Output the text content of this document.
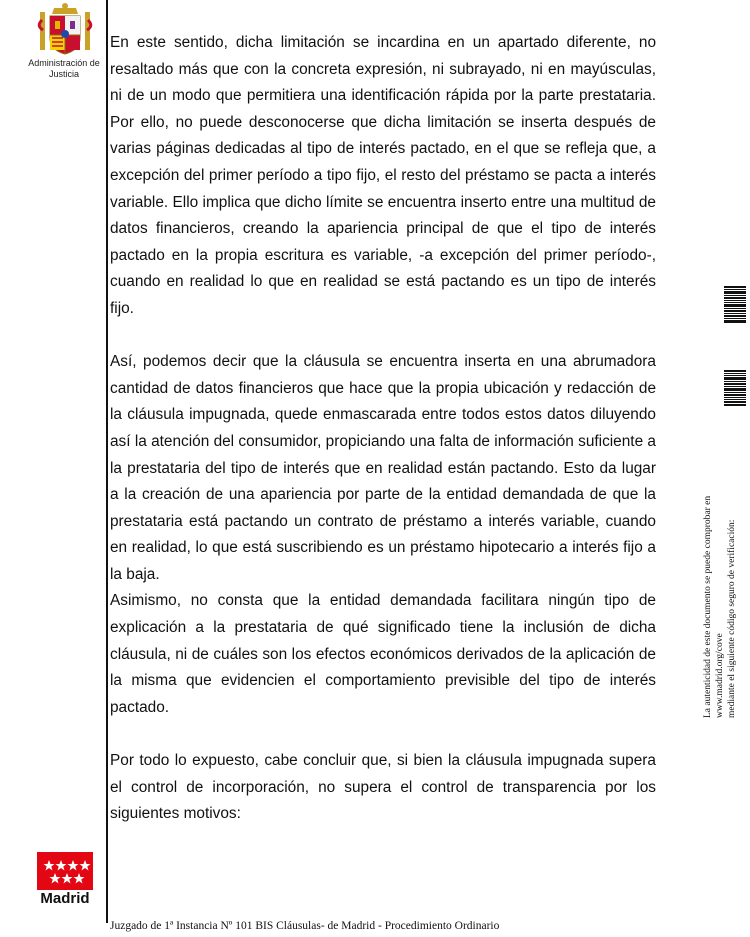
Administración de Justicia

En este sentido, dicha limitación se incardina en un apartado diferente, no resaltado más que con la concreta expresión, ni subrayado, ni en mayúsculas, ni de un modo que permitiera una identificación rápida por la parte prestataria. Por ello, no puede desconocerse que dicha limitación se inserta después de varias páginas dedicadas al tipo de interés pactado, en el que se refleja que, a excepción del primer período a tipo fijo, el resto del préstamo se pacta a interés variable. Ello implica que dicho límite se encuentra inserto entre una multitud de datos financieros, creando la apariencia principal de que el tipo de interés pactado en la propia escritura es variable, -a excepción del primer período-, cuando en realidad lo que en realidad se está pactando es un tipo de interés fijo.

Así, podemos decir que la cláusula se encuentra inserta en una abrumadora cantidad de datos financieros que hace que la propia ubicación y redacción de la cláusula impugnada, quede enmascarada entre todos estos datos diluyendo así la atención del consumidor, propiciando una falta de información suficiente a la prestataria del tipo de interés que en realidad están pactando. Esto da lugar a la creación de una apariencia por parte de la entidad demandada de que la prestataria está pactando un contrato de préstamo a interés variable, cuando en realidad, lo que está suscribiendo es un préstamo hipotecario a interés fijo a la baja.

Asimismo, no consta que la entidad demandada facilitara ningún tipo de explicación a la prestataria de qué significado tiene la inclusión de dicha cláusula, ni de cuáles son los efectos económicos derivados de la aplicación de la misma que evidencien el comportamiento previsible del tipo de interés pactado.

Por todo lo expuesto, cabe concluir que, si bien la cláusula impugnada supera el control de incorporación, no supera el control de transparencia por los siguientes motivos:

Madrid
Juzgado de 1ª Instancia Nº 101 BIS Cláusulas- de Madrid - Procedimiento Ordinario
La autenticidad de este documento se puede comprobar en www.madrid.org/cove mediante el siguiente código seguro de verificación:
